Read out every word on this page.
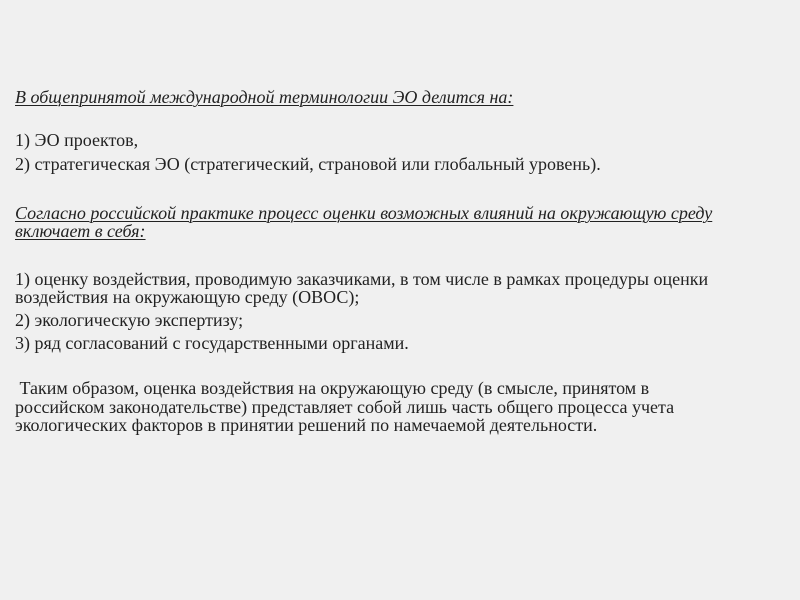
В общепринятой международной терминологии ЭО делится на:
1) ЭО проектов,
2) стратегическая ЭО (стратегический, страновой или глобальный уровень).
Согласно российской практике процесс оценки возможных влияний на окружающую среду
включает в себя:
1) оценку воздействия, проводимую заказчиками, в том числе в рамках процедуры оценки
воздействия на окружающую среду (ОВОС);
2) экологическую экспертизу;
3) ряд согласований с государственными органами.
Таким образом, оценка воздействия на окружающую среду (в смысле, принятом в
российском законодательстве) представляет собой лишь часть общего процесса учета
экологических факторов в принятии решений по намечаемой деятельности.
